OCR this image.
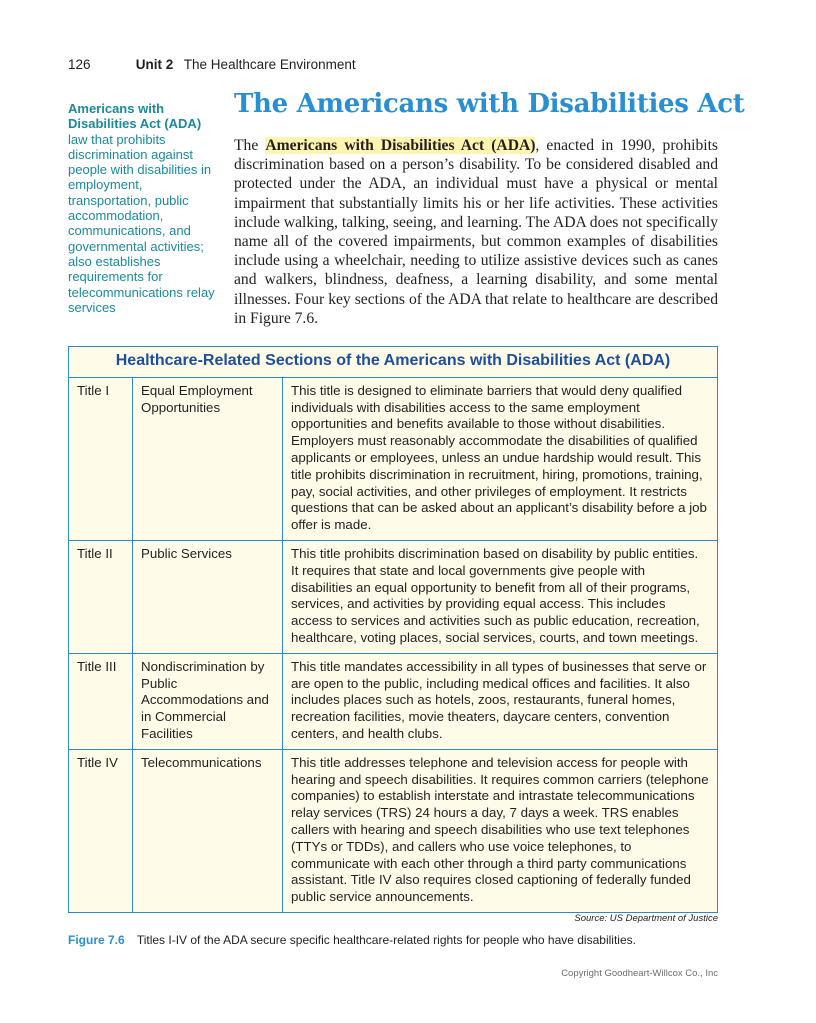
126	Unit 2 The Healthcare Environment
Americans with Disabilities Act (ADA)
law that prohibits discrimination against people with disabilities in employment, transportation, public accommodation, communications, and governmental activities; also establishes requirements for telecommunications relay services
The Americans with Disabilities Act

The Americans with Disabilities Act (ADA), enacted in 1990, prohibits discrimination based on a person’s disability. To be considered disabled and protected under the ADA, an individual must have a physical or mental impairment that substantially limits his or her life activities. These activities include walking, talking, seeing, and learning. The ADA does not specifically name all of the covered impairments, but common examples of disabilities include using a wheelchair, needing to utilize assistive devices such as canes and walkers, blindness, deafness, a learning disability, and some mental illnesses. Four key sections of the ADA that relate to healthcare are described in Figure 7.6.

Healthcare-Related Sections of the Americans with Disabilities Act (ADA)		
Title I	Equal Employment Opportunities	This title is designed to eliminate barriers that would deny qualified individuals with disabilities access to the same employment opportunities and benefits available to those without disabilities. Employers must reasonably accommodate the disabilities of qualified applicants or employees, unless an undue hardship would result. This title prohibits discrimination in recruitment, hiring, promotions, training, pay, social activities, and other privileges of employment. It restricts questions that can be asked about an applicant’s disability before a job offer is made.
Title II	Public Services	This title prohibits discrimination based on disability by public entities. It requires that state and local governments give people with disabilities an equal opportunity to benefit from all of their programs, services, and activities by providing equal access. This includes access to services and activities such as public education, recreation, healthcare, voting places, social services, courts, and town meetings.
Title III	Nondiscrimination by Public Accommodations and in Commercial Facilities	This title mandates accessibility in all types of businesses that serve or are open to the public, including medical offices and facilities. It also includes places such as hotels, zoos, restaurants, funeral homes, recreation facilities, movie theaters, daycare centers, convention centers, and health clubs.
Title IV	Telecommunications	This title addresses telephone and television access for people with hearing and speech disabilities. It requires common carriers (telephone companies) to establish interstate and intrastate telecommunications relay services (TRS) 24 hours a day, 7 days a week. TRS enables callers with hearing and speech disabilities who use text telephones (TTYs or TDDs), and callers who use voice telephones, to communicate with each other through a third party communications assistant. Title IV also requires closed captioning of federally funded public service announcements.
Source: US Department of Justice
Figure 7.6 Titles I-IV of the ADA secure specific healthcare-related rights for people who have disabilities.
Copyright Goodheart-Willcox Co., Inc
